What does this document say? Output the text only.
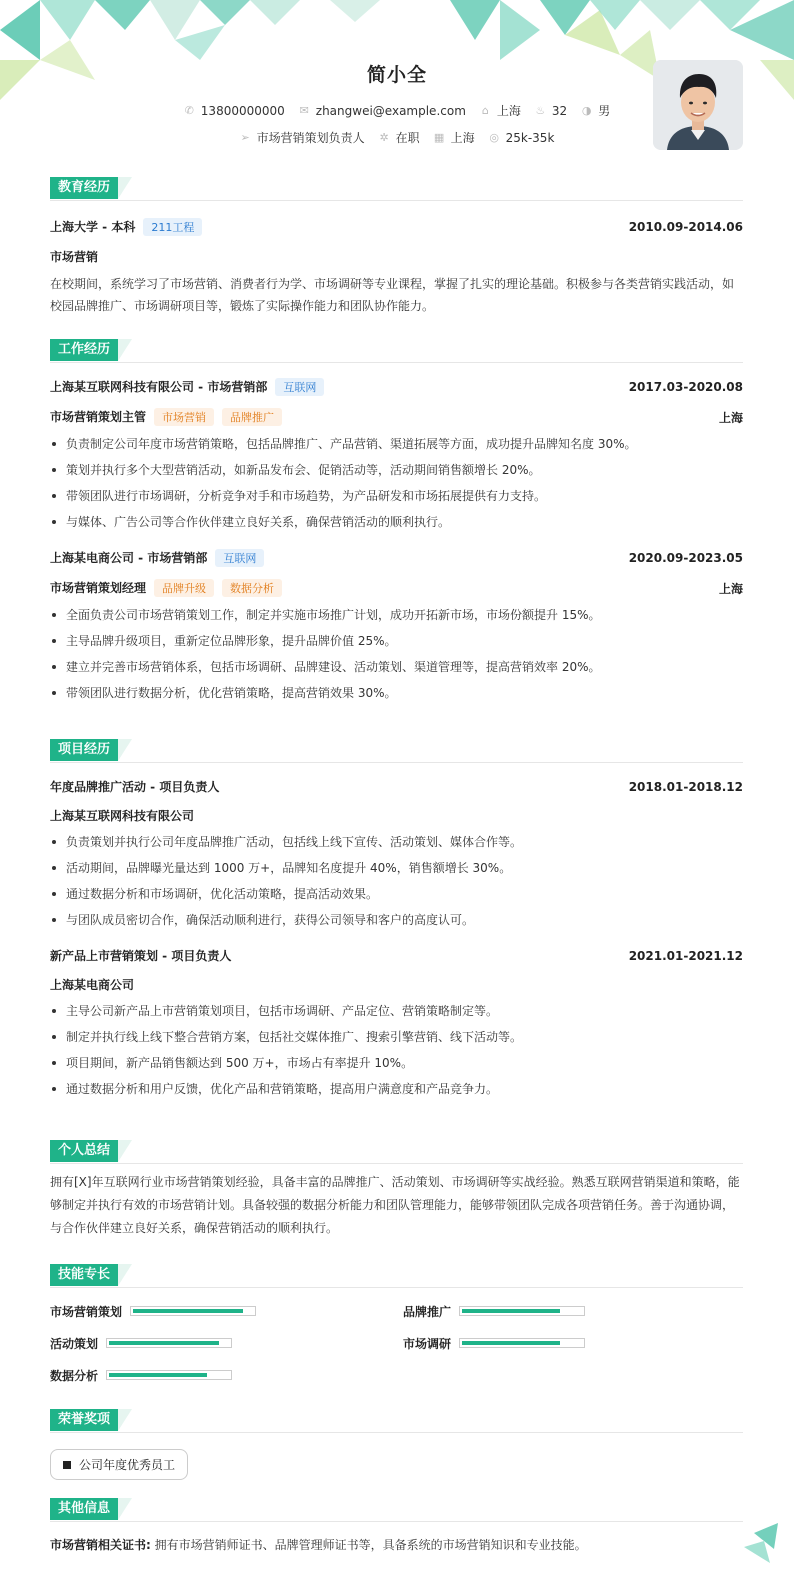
简小全
✆ 13800000000 ✉ zhangwei@example.com ⌂ 上海 ♨ 32 ◑ 男
➢ 市场营销策划负责人 ✲ 在职 ▦ 上海 ◎ 25k-35k
教育经历
上海大学 - 本科 211工程	2010.09-2014.06
市场营销
在校期间，系统学习了市场营销、消费者行为学、市场调研等专业课程，掌握了扎实的理论基础。积极参与各类营销实践活动，如校园品牌推广、市场调研项目等，锻炼了实际操作能力和团队协作能力。
工作经历
上海某互联网科技有限公司 - 市场营销部 互联网	2017.03-2020.08
市场营销策划主管 市场营销 品牌推广	上海
负责制定公司年度市场营销策略，包括品牌推广、产品营销、渠道拓展等方面，成功提升品牌知名度 30%。
策划并执行多个大型营销活动，如新品发布会、促销活动等，活动期间销售额增长 20%。
带领团队进行市场调研，分析竞争对手和市场趋势，为产品研发和市场拓展提供有力支持。
与媒体、广告公司等合作伙伴建立良好关系，确保营销活动的顺利执行。
上海某电商公司 - 市场营销部 互联网	2020.09-2023.05
市场营销策划经理 品牌升级 数据分析	上海
全面负责公司市场营销策划工作，制定并实施市场推广计划，成功开拓新市场，市场份额提升 15%。
主导品牌升级项目，重新定位品牌形象，提升品牌价值 25%。
建立并完善市场营销体系，包括市场调研、品牌建设、活动策划、渠道管理等，提高营销效率 20%。
带领团队进行数据分析，优化营销策略，提高营销效果 30%。
项目经历
年度品牌推广活动 - 项目负责人	2018.01-2018.12
上海某互联网科技有限公司
负责策划并执行公司年度品牌推广活动，包括线上线下宣传、活动策划、媒体合作等。
活动期间，品牌曝光量达到 1000 万+，品牌知名度提升 40%，销售额增长 30%。
通过数据分析和市场调研，优化活动策略，提高活动效果。
与团队成员密切合作，确保活动顺利进行，获得公司领导和客户的高度认可。
新产品上市营销策划 - 项目负责人	2021.01-2021.12
上海某电商公司
主导公司新产品上市营销策划项目，包括市场调研、产品定位、营销策略制定等。
制定并执行线上线下整合营销方案，包括社交媒体推广、搜索引擎营销、线下活动等。
项目期间，新产品销售额达到 500 万+，市场占有率提升 10%。
通过数据分析和用户反馈，优化产品和营销策略，提高用户满意度和产品竞争力。
个人总结
拥有[X]年互联网行业市场营销策划经验，具备丰富的品牌推广、活动策划、市场调研等实战经验。熟悉互联网营销渠道和策略，能够制定并执行有效的市场营销计划。具备较强的数据分析能力和团队管理能力，能够带领团队完成各项营销任务。善于沟通协调，与合作伙伴建立良好关系，确保营销活动的顺利执行。
技能专长
市场营销策划	品牌推广
活动策划	市场调研
数据分析
荣誉奖项
公司年度优秀员工
其他信息
市场营销相关证书: 拥有市场营销师证书、品牌管理师证书等，具备系统的市场营销知识和专业技能。
